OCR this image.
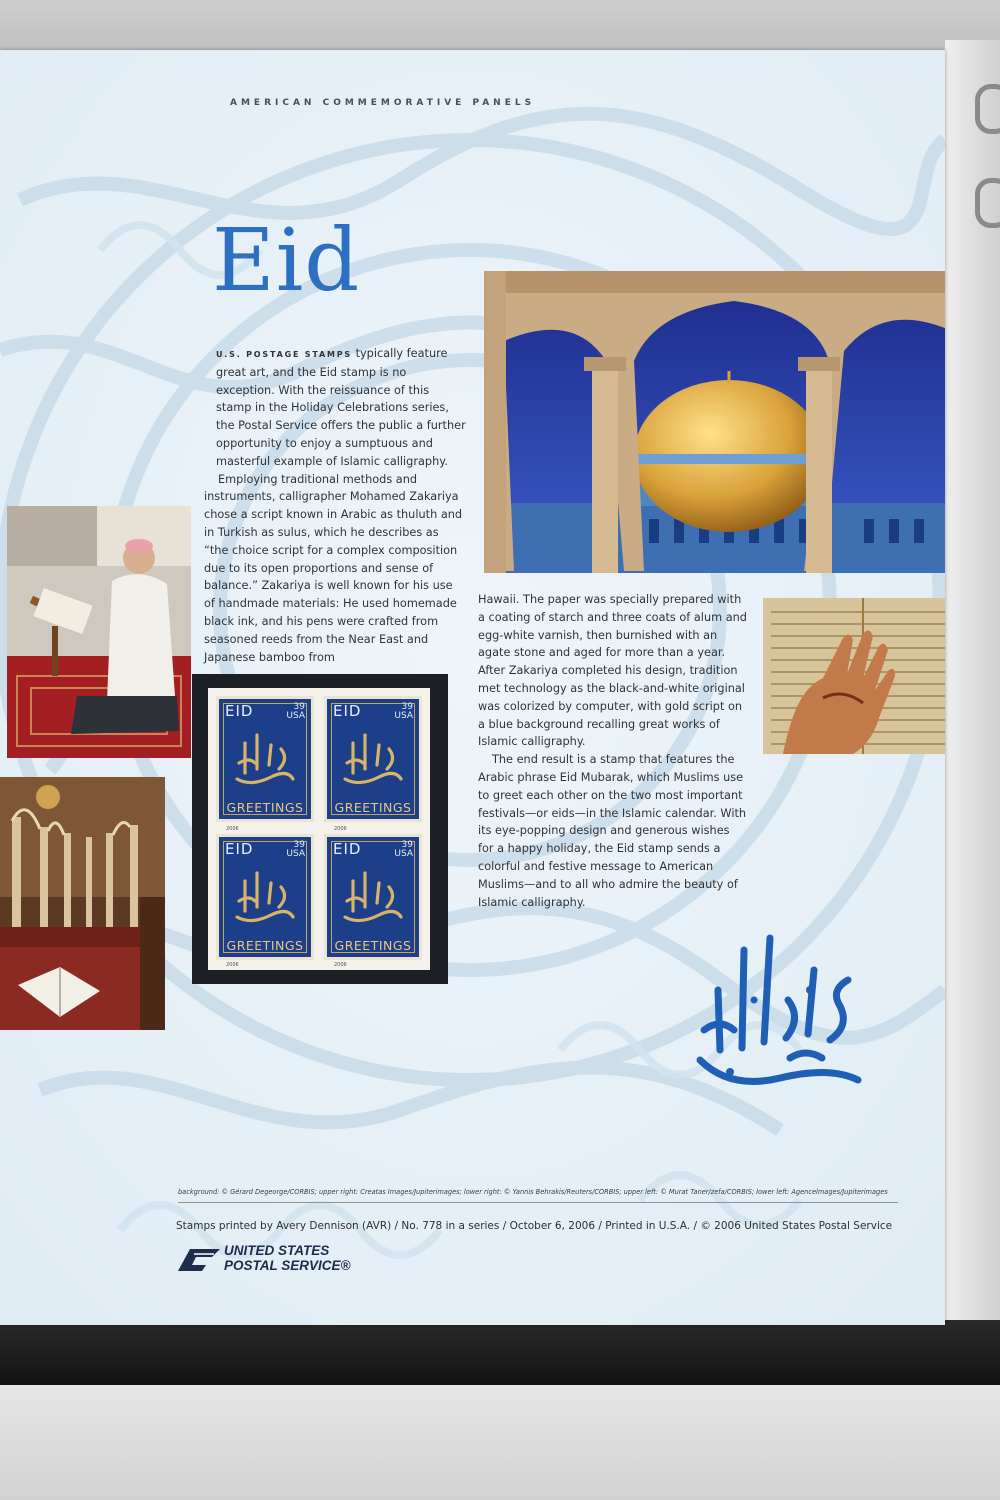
AMERICAN COMMEMORATIVE PANELS
Eid

U.S. POSTAGE STAMPS typically feature great art, and the Eid stamp is no exception. With the reissuance of this stamp in the Holiday Celebrations series, the Postal Service offers the public a further opportunity to enjoy a sumptuous and masterful example of Islamic calligraphy.

Employing traditional methods and instruments, calligrapher Mohamed Zakariya chose a script known in Arabic as thuluth and in Turkish as sulus, which he describes as “the choice script for a complex composition due to its open proportions and sense of balance.” Zakariya is well known for his use of handmade materials: He used homemade black ink, and his pens were crafted from seasoned reeds from the Near East and Japanese bamboo from

Hawaii. The paper was specially prepared with a coating of starch and three coats of alum and egg-white varnish, then burnished with an agate stone and aged for more than a year. After Zakariya completed his design, tradition met technology as the black-and-white original was colorized by computer, with gold script on a blue background recalling great works of Islamic calligraphy.

The end result is a stamp that features the Arabic phrase Eid Mubarak, which Muslims use to greet each other on the two most important festivals—or eids—in the Islamic calendar. With its eye-popping design and generous wishes for a happy holiday, the Eid stamp sends a colorful and festive message to American Muslims—and to all who admire the beauty of Islamic calligraphy.

EID	39
USA
GREETINGS
EID	39
USA
GREETINGS
EID	39
USA
GREETINGS
EID	39
USA
GREETINGS
2006	2006
2006	2006
background: © Gérard Degeorge/CORBIS; upper right: Creatas Images/Jupiterimages; lower right: © Yannis Behrakis/Reuters/CORBIS; upper left: © Murat Taner/zefa/CORBIS; lower left: Agencelmages/Jupiterimages
Stamps printed by Avery Dennison (AVR) / No. 778 in a series / October 6, 2006 / Printed in U.S.A. / © 2006 United States Postal Service
UNITED STATES
POSTAL SERVICE®
